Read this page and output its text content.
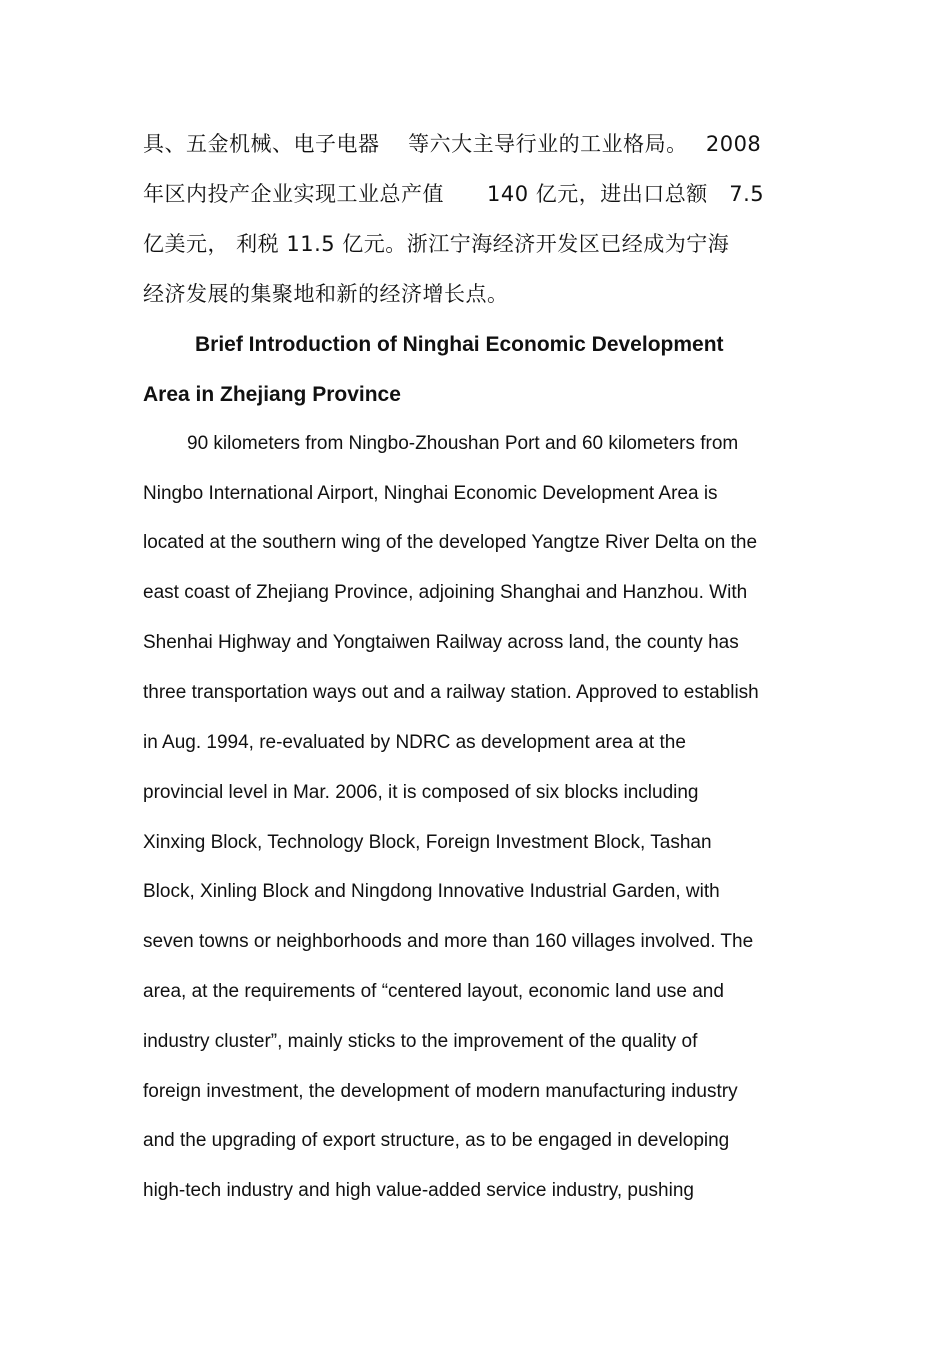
具、五金机械、电子电器　 等六大主导行业的工业格局。　 2008
年区内投产企业实现工业总产值　　140 亿元，进出口总额　7.5
亿美元， 利税 11.5 亿元。浙江宁海经济开发区已经成为宁海
经济发展的集聚地和新的经济增长点。
Brief Introduction of Ninghai Economic Development
Area in Zhejiang Province
90 kilometers from Ningbo-Zhoushan Port and 60 kilometers from
Ningbo International Airport, Ninghai Economic Development Area is
located at the southern wing of the developed Yangtze River Delta on the
east coast of Zhejiang Province, adjoining Shanghai and Hanzhou. With
Shenhai Highway and Yongtaiwen Railway across land, the county has
three transportation ways out and a railway station. Approved to establish
in Aug. 1994, re-evaluated by NDRC as development area at the
provincial level in Mar. 2006, it is composed of six blocks including
Xinxing Block, Technology Block, Foreign Investment Block, Tashan
Block, Xinling Block and Ningdong Innovative Industrial Garden, with
seven towns or neighborhoods and more than 160 villages involved. The
area, at the requirements of “centered layout, economic land use and
industry cluster”, mainly sticks to the improvement of the quality of
foreign investment, the development of modern manufacturing industry
and the upgrading of export structure, as to be engaged in developing
high-tech industry and high value-added service industry, pushing
